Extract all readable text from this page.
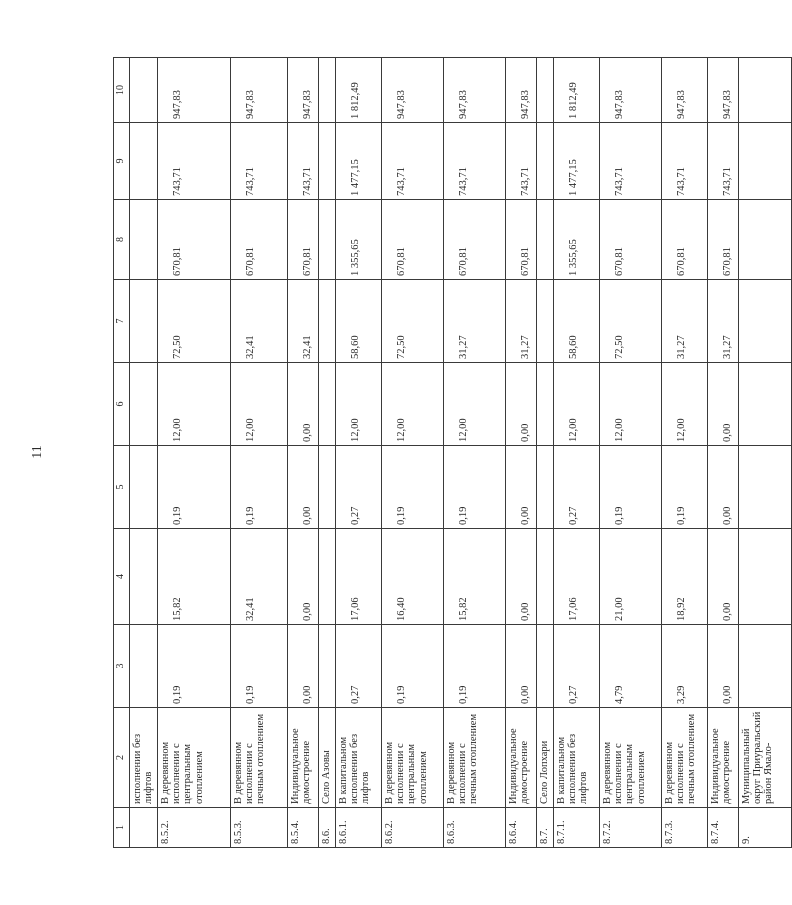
11
1	2	3	4	5	6	7	8	9	10
	исполнении без лифтов								
8.5.2.	В деревянном исполнении с центральным отоплением	0,19	15,82	0,19	12,00	72,50	670,81	743,71	947,83
8.5.3.	В деревянном исполнении с печным отоплением	0,19	32,41	0,19	12,00	32,41	670,81	743,71	947,83
8.5.4.	Индивидуальное домостроение	0,00	0,00	0,00	0,00	32,41	670,81	743,71	947,83
8.6.	Село Азовы								
8.6.1.	В капитальном исполнении без лифтов	0,27	17,06	0,27	12,00	58,60	1 355,65	1 477,15	1 812,49
8.6.2.	В деревянном исполнении с центральным отоплением	0,19	16,40	0,19	12,00	72,50	670,81	743,71	947,83
8.6.3.	В деревянном исполнении с печным отоплением	0,19	15,82	0,19	12,00	31,27	670,81	743,71	947,83
8.6.4.	Индивидуальное домостроение	0,00	0,00	0,00	0,00	31,27	670,81	743,71	947,83
8.7.	Село Лопхари								
8.7.1.	В капитальном исполнении без лифтов	0,27	17,06	0,27	12,00	58,60	1 355,65	1 477,15	1 812,49
8.7.2.	В деревянном исполнении с центральным отоплением	4,79	21,00	0,19	12,00	72,50	670,81	743,71	947,83
8.7.3.	В деревянном исполнении с печным отоплением	3,29	18,92	0,19	12,00	31,27	670,81	743,71	947,83
8.7.4.	Индивидуальное домостроение	0,00	0,00	0,00	0,00	31,27	670,81	743,71	947,83
9.	Муниципальный округ Приуральский район Ямало-								
